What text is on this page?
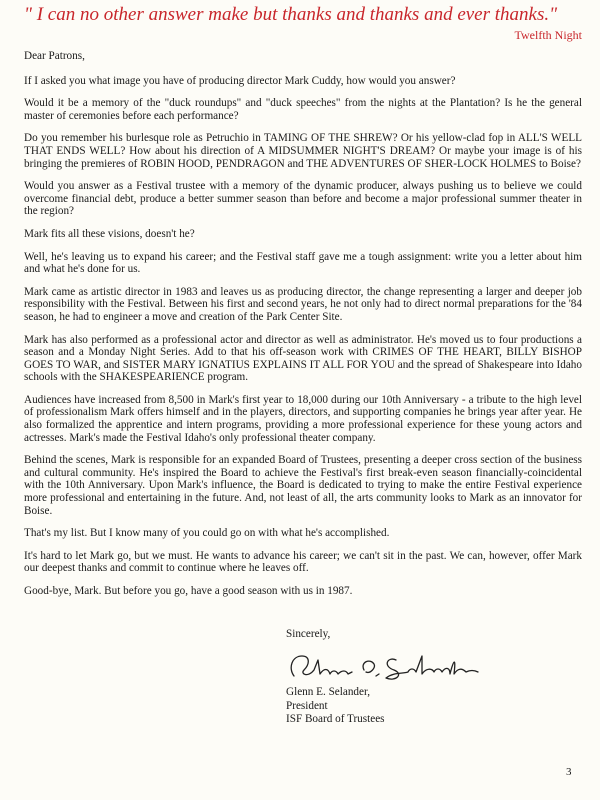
" I can no other answer make but thanks and thanks and ever thanks."
Twelfth Night

Dear Patrons,

If I asked you what image you have of producing director Mark Cuddy, how would you answer?

Would it be a memory of the "duck roundups" and "duck speeches" from the nights at the Plantation? Is he the general master of ceremonies before each performance?

Do you remember his burlesque role as Petruchio in TAMING OF THE SHREW? Or his yellow-clad fop in ALL'S WELL THAT ENDS WELL? How about his direction of A MIDSUMMER NIGHT'S DREAM? Or maybe your image is of his bringing the premieres of ROBIN HOOD, PENDRAGON and THE ADVENTURES OF SHER-LOCK HOLMES to Boise?

Would you answer as a Festival trustee with a memory of the dynamic producer, always pushing us to believe we could overcome financial debt, produce a better summer season than before and become a major professional summer theater in the region?

Mark fits all these visions, doesn't he?

Well, he's leaving us to expand his career; and the Festival staff gave me a tough assignment: write you a letter about him and what he's done for us.

Mark came as artistic director in 1983 and leaves us as producing director, the change representing a larger and deeper job responsibility with the Festival. Between his first and second years, he not only had to direct normal preparations for the '84 season, he had to engineer a move and creation of the Park Center Site.

Mark has also performed as a professional actor and director as well as administrator. He's moved us to four productions a season and a Monday Night Series. Add to that his off-season work with CRIMES OF THE HEART, BILLY BISHOP GOES TO WAR, and SISTER MARY IGNATIUS EXPLAINS IT ALL FOR YOU and the spread of Shakespeare into Idaho schools with the SHAKESPEARIENCE program.

Audiences have increased from 8,500 in Mark's first year to 18,000 during our 10th Anniversary - a tribute to the high level of professionalism Mark offers himself and in the players, directors, and supporting companies he brings year after year. He also formalized the apprentice and intern programs, providing a more professional experience for these young actors and actresses. Mark's made the Festival Idaho's only professional theater company.

Behind the scenes, Mark is responsible for an expanded Board of Trustees, presenting a deeper cross section of the business and cultural community. He's inspired the Board to achieve the Festival's first break-even season financially-coincidental with the 10th Anniversary. Upon Mark's influence, the Board is dedicated to trying to make the entire Festival experience more professional and entertaining in the future. And, not least of all, the arts community looks to Mark as an innovator for Boise.

That's my list. But I know many of you could go on with what he's accomplished.

It's hard to let Mark go, but we must. He wants to advance his career; we can't sit in the past. We can, however, offer Mark our deepest thanks and commit to continue where he leaves off.

Good-bye, Mark. But before you go, have a good season with us in 1987.

Sincerely,
Glenn E. Selander,
President
ISF Board of Trustees
3
